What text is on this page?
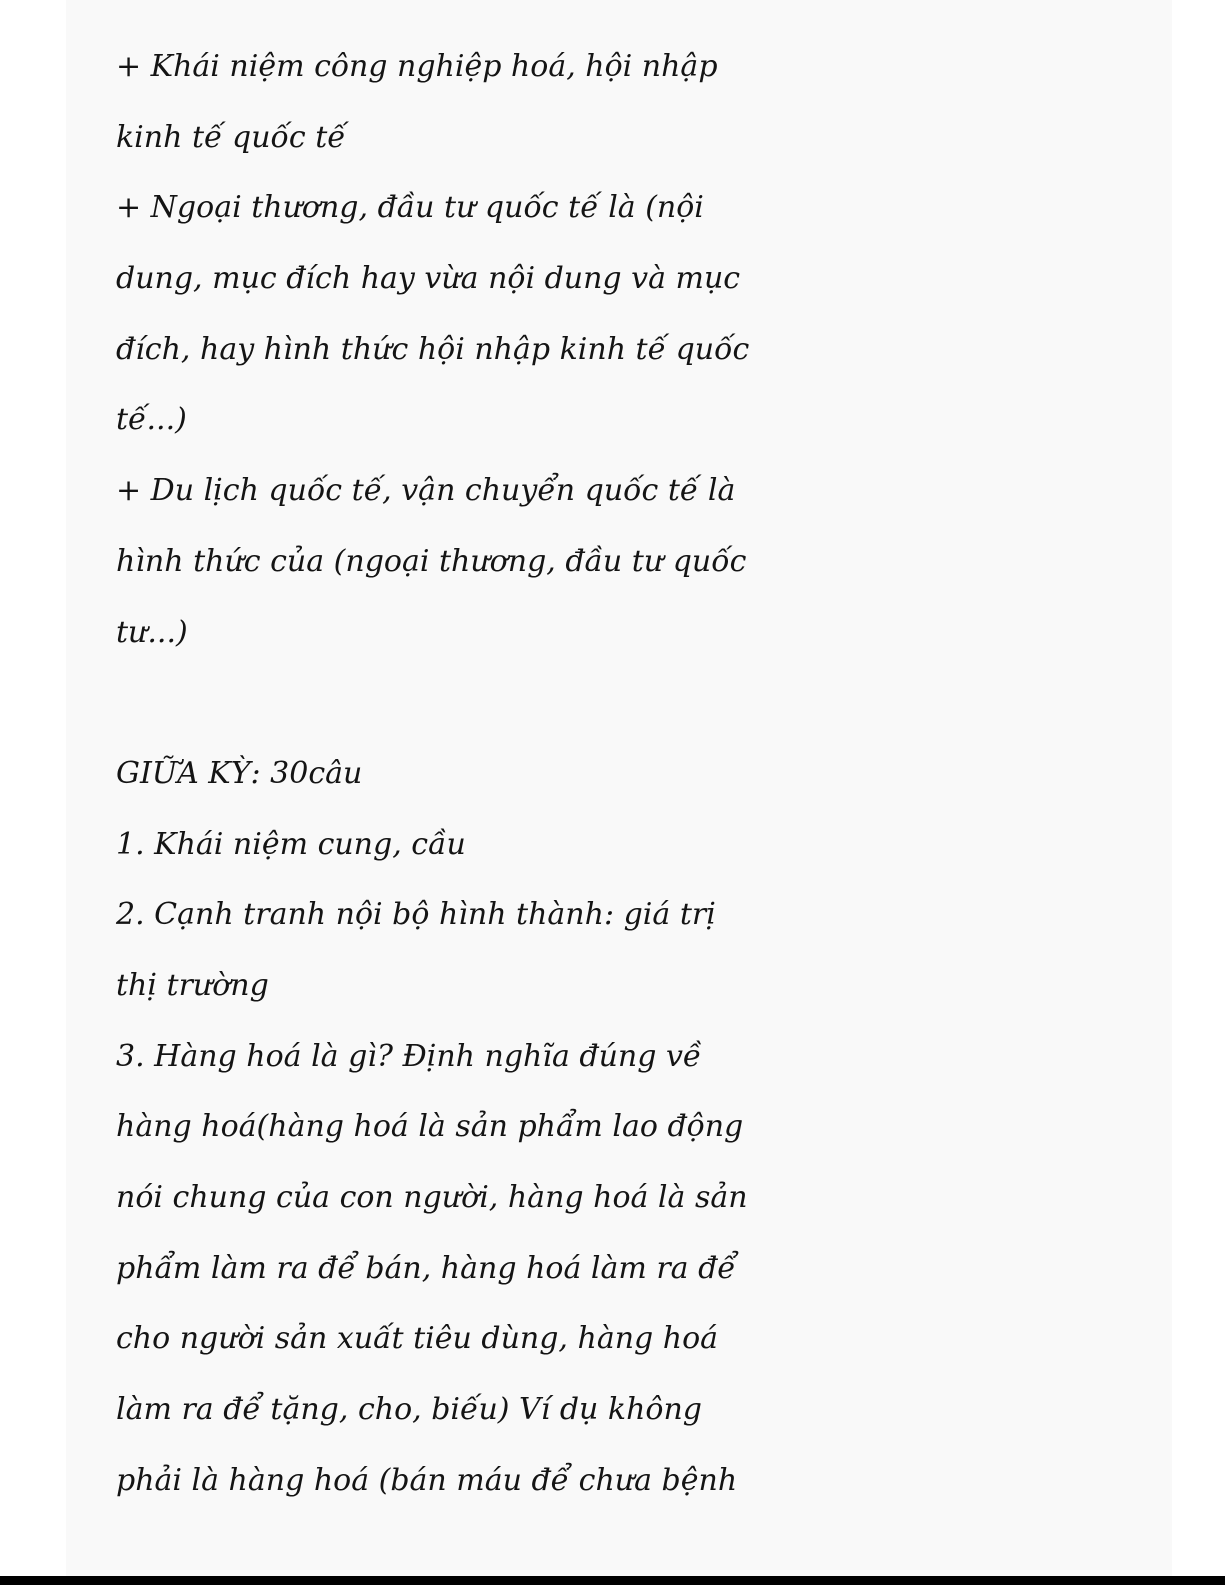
+ Khái niệm công nghiệp hoá, hội nhập
kinh tế quốc tế
+ Ngoại thương, đầu tư quốc tế là (nội
dung, mục đích hay vừa nội dung và mục
đích, hay hình thức hội nhập kinh tế quốc
tế...)
+ Du lịch quốc tế, vận chuyển quốc tế là
hình thức của (ngoại thương, đầu tư quốc
tư...)
GIỮA KỲ: 30câu
1. Khái niệm cung, cầu
2. Cạnh tranh nội bộ hình thành: giá trị
thị trường
3. Hàng hoá là gì? Định nghĩa đúng về
hàng hoá(hàng hoá là sản phẩm lao động
nói chung của con người, hàng hoá là sản
phẩm làm ra để bán, hàng hoá làm ra để
cho người sản xuất tiêu dùng, hàng hoá
làm ra để tặng, cho, biếu) Ví dụ không
phải là hàng hoá (bán máu để chưa bệnh
